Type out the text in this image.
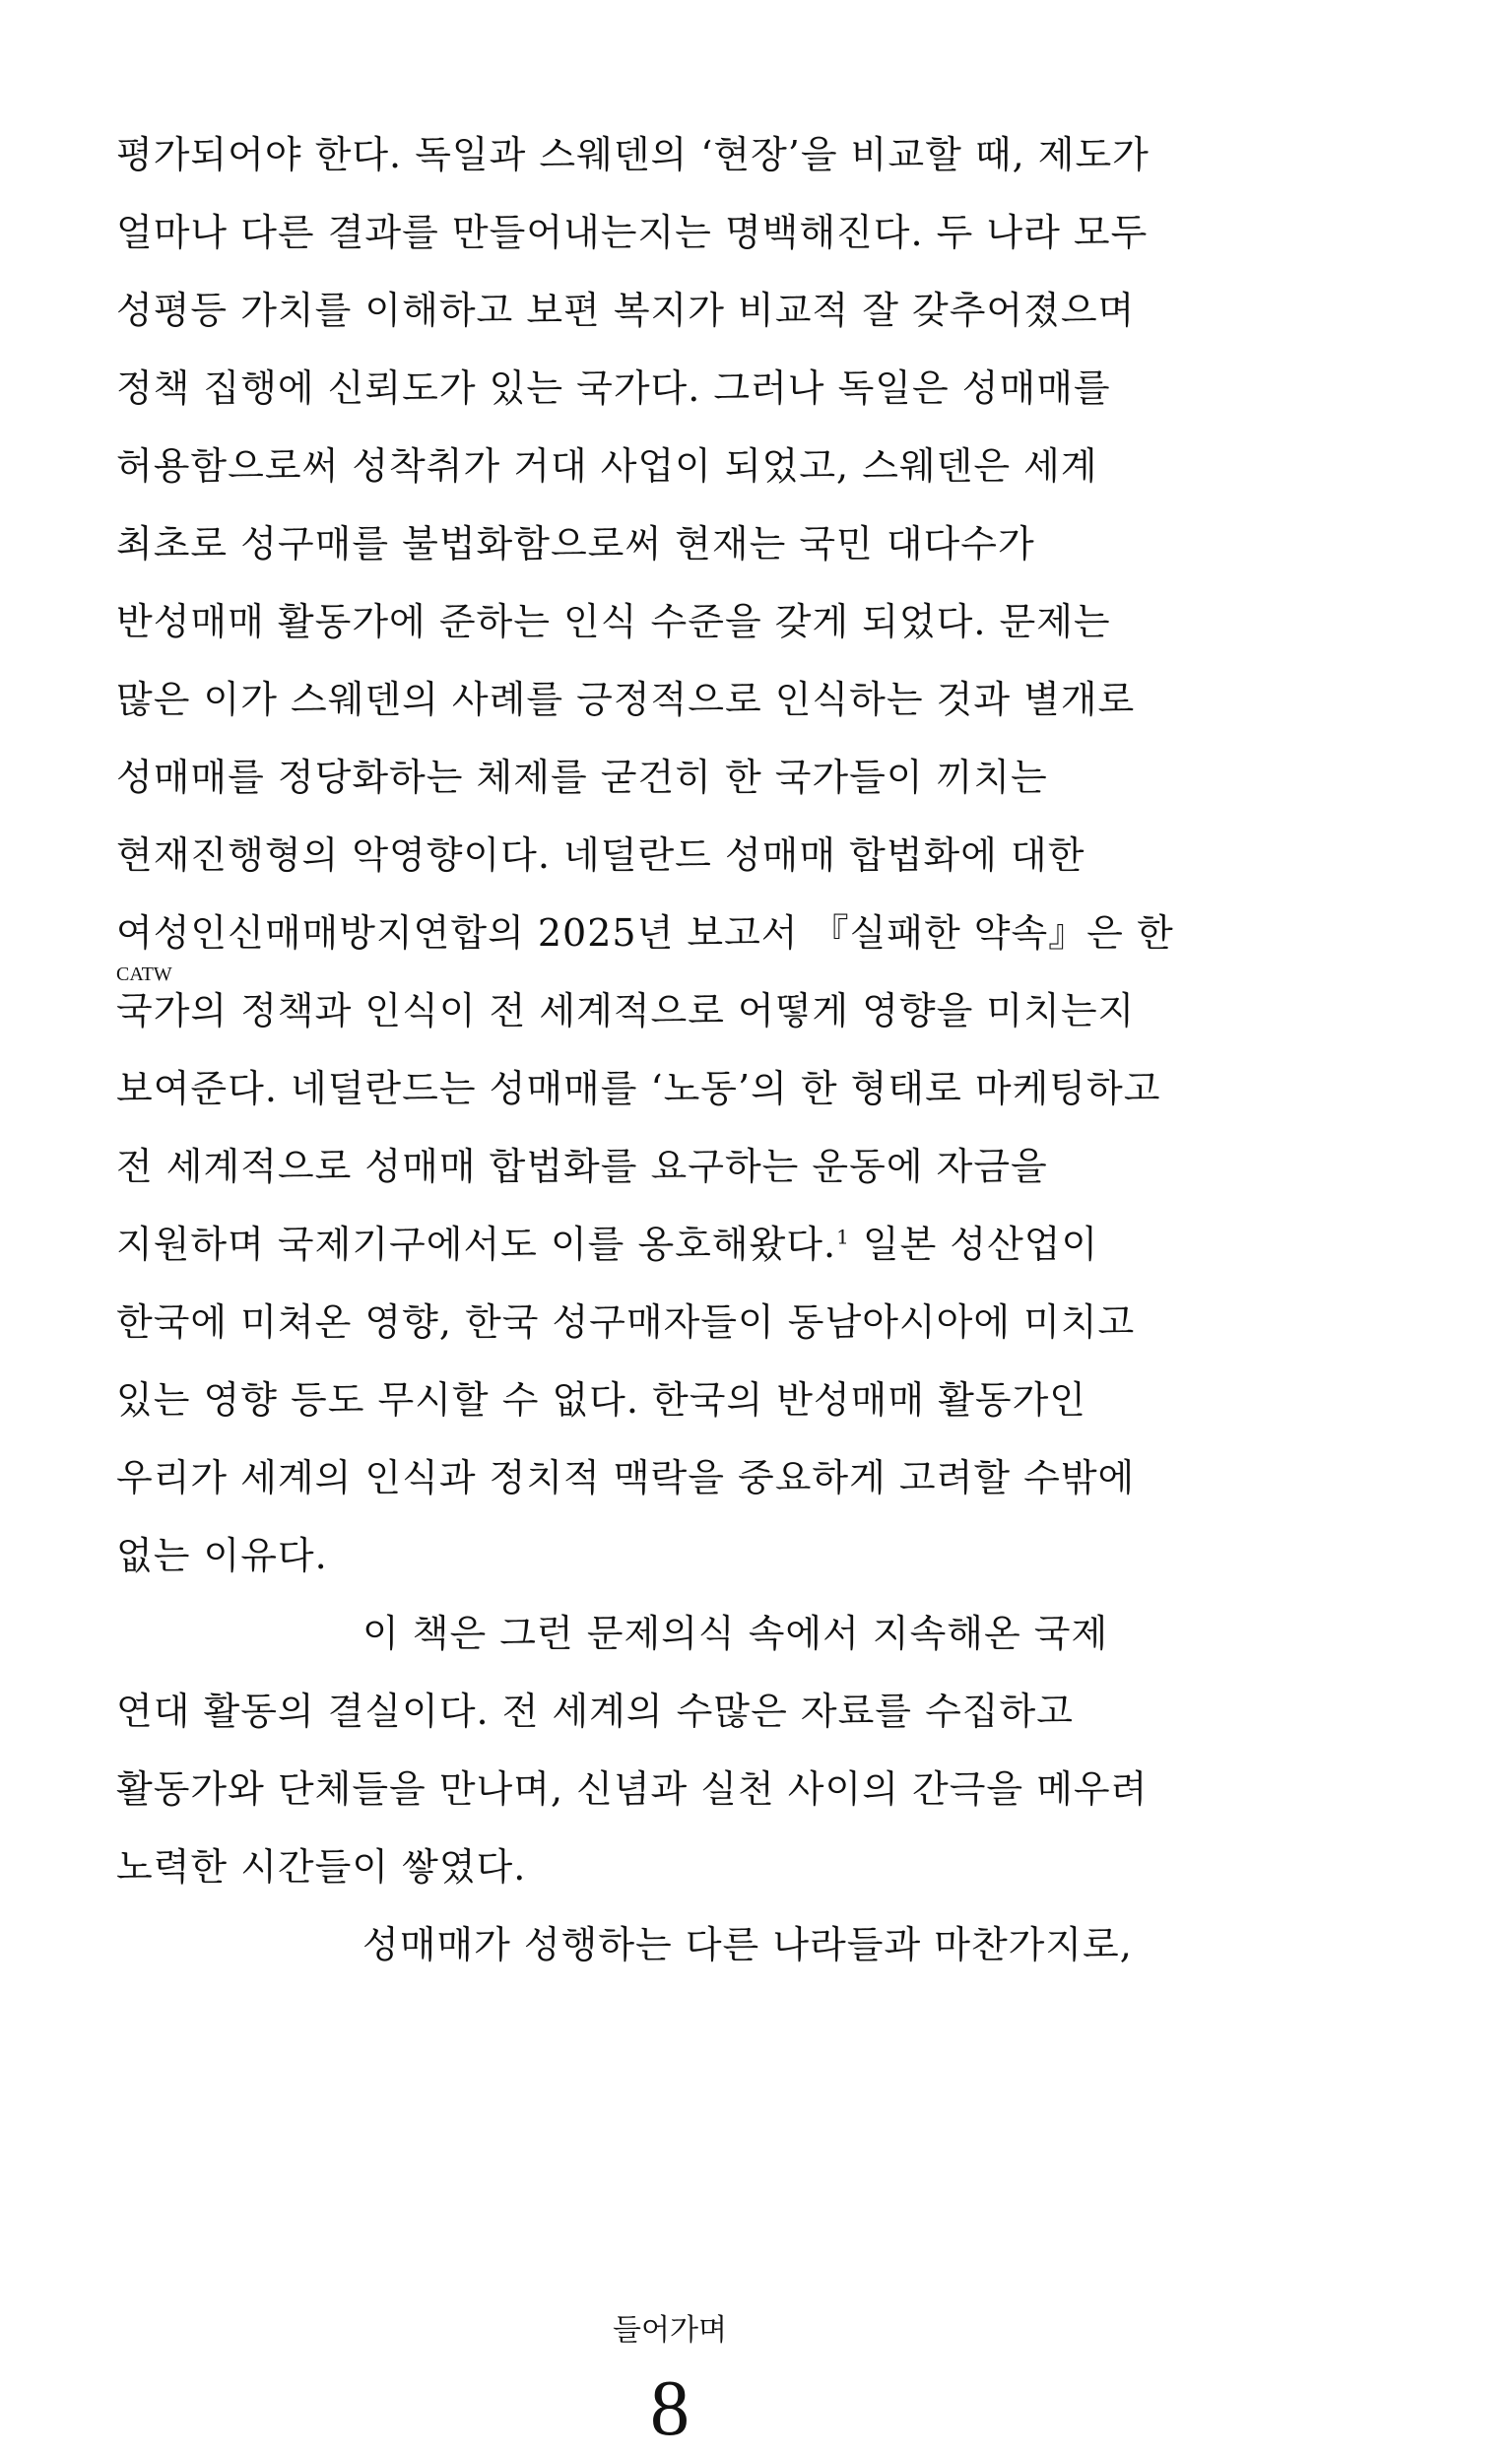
평가되어야 한다. 독일과 스웨덴의 ‘현장’을 비교할 때, 제도가
얼마나 다른 결과를 만들어내는지는 명백해진다. 두 나라 모두
성평등 가치를 이해하고 보편 복지가 비교적 잘 갖추어졌으며
정책 집행에 신뢰도가 있는 국가다. 그러나 독일은 성매매를
허용함으로써 성착취가 거대 사업이 되었고, 스웨덴은 세계
최초로 성구매를 불법화함으로써 현재는 국민 대다수가
반성매매 활동가에 준하는 인식 수준을 갖게 되었다. 문제는
많은 이가 스웨덴의 사례를 긍정적으로 인식하는 것과 별개로
성매매를 정당화하는 체제를 굳건히 한 국가들이 끼치는
현재진행형의 악영향이다. 네덜란드 성매매 합법화에 대한
여성인신매매방지연합의 2025년 보고서 『실패한 약속』은 한
CATW
국가의 정책과 인식이 전 세계적으로 어떻게 영향을 미치는지
보여준다. 네덜란드는 성매매를 ‘노동’의 한 형태로 마케팅하고
전 세계적으로 성매매 합법화를 요구하는 운동에 자금을
지원하며 국제기구에서도 이를 옹호해왔다.$^1$ 일본 성산업이
한국에 미쳐온 영향, 한국 성구매자들이 동남아시아에 미치고
있는 영향 등도 무시할 수 없다. 한국의 반성매매 활동가인
우리가 세계의 인식과 정치적 맥락을 중요하게 고려할 수밖에
없는 이유다.
이 책은 그런 문제의식 속에서 지속해온 국제
연대 활동의 결실이다. 전 세계의 수많은 자료를 수집하고
활동가와 단체들을 만나며, 신념과 실천 사이의 간극을 메우려
노력한 시간들이 쌓였다.
성매매가 성행하는 다른 나라들과 마찬가지로,
들어가며
8
